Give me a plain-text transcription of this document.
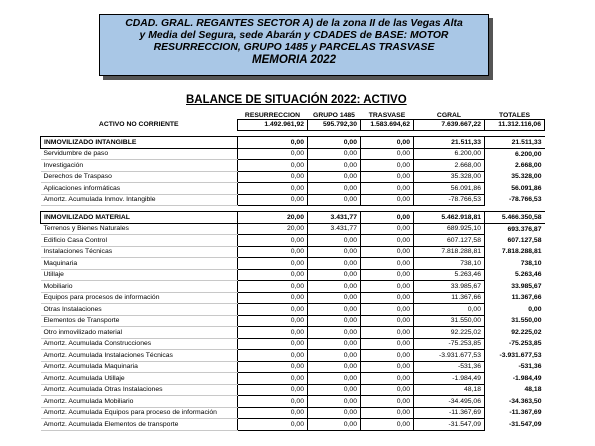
CDAD. GRAL. REGANTES SECTOR A) de la zona II de las Vegas Alta
y Media del Segura, sede Abarán y CDADES de BASE: MOTOR
RESURRECCION, GRUPO 1485 y PARCELAS TRASVASE
MEMORIA 2022
BALANCE DE SITUACIÓN 2022: ACTIVO
	RESURRECCION	GRUPO 1485	TRASVASE	CGRAL	TOTALES
ACTIVO NO CORRIENTE	1.492.961,92	595.792,30	1.583.694,62	7.639.667,22	11.312.116,06

INMOVILIZADO INTANGIBLE	0,00	0,00	0,00	21.511,33	21.511,33
Servidumbre de paso	0,00	0,00	0,00	6.200,00	6.200,00
Investigación	0,00	0,00	0,00	2.668,00	2.668,00
Derechos de Traspaso	0,00	0,00	0,00	35.328,00	35.328,00
Aplicaciones informáticas	0,00	0,00	0,00	56.091,86	56.091,86
Amortz. Acumulada Inmov. Intangible	0,00	0,00	0,00	-78.766,53	-78.766,53

INMOVILIZADO MATERIAL	20,00	3.431,77	0,00	5.462.918,81	5.466.350,58
Terrenos y Bienes Naturales	20,00	3.431,77	0,00	689.925,10	693.376,87
Edificio Casa Control	0,00	0,00	0,00	607.127,58	607.127,58
Instalaciones Técnicas	0,00	0,00	0,00	7.818.288,81	7.818.288,81
Maquinaria	0,00	0,00	0,00	738,10	738,10
Utillaje	0,00	0,00	0,00	5.263,46	5.263,46
Mobiliario	0,00	0,00	0,00	33.985,67	33.985,67
Equipos para procesos de información	0,00	0,00	0,00	11.367,66	11.367,66
Otras Instalaciones	0,00	0,00	0,00	0,00	0,00
Elementos de Transporte	0,00	0,00	0,00	31.550,00	31.550,00
Otro inmovilizado material	0,00	0,00	0,00	92.225,02	92.225,02
Amortz. Acumulada Construcciones	0,00	0,00	0,00	-75.253,85	-75.253,85
Amortz. Acumulada Instalaciones Técnicas	0,00	0,00	0,00	-3.931.677,53	-3.931.677,53
Amortz. Acumulada Maquinaria	0,00	0,00	0,00	-531,36	-531,36
Amortz. Acumulada Utillaje	0,00	0,00	0,00	-1.984,49	-1.984,49
Amortz. Acumulada Otras Instalaciones	0,00	0,00	0,00	48,18	48,18
Amortz. Acumulada Mobiliario	0,00	0,00	0,00	-34.495,06	-34.363,50
Amortz. Acumulada Equipos para proceso de información	0,00	0,00	0,00	-11.367,69	-11.367,69
Amortz. Acumulada Elementos de transporte	0,00	0,00	0,00	-31.547,09	-31.547,09
